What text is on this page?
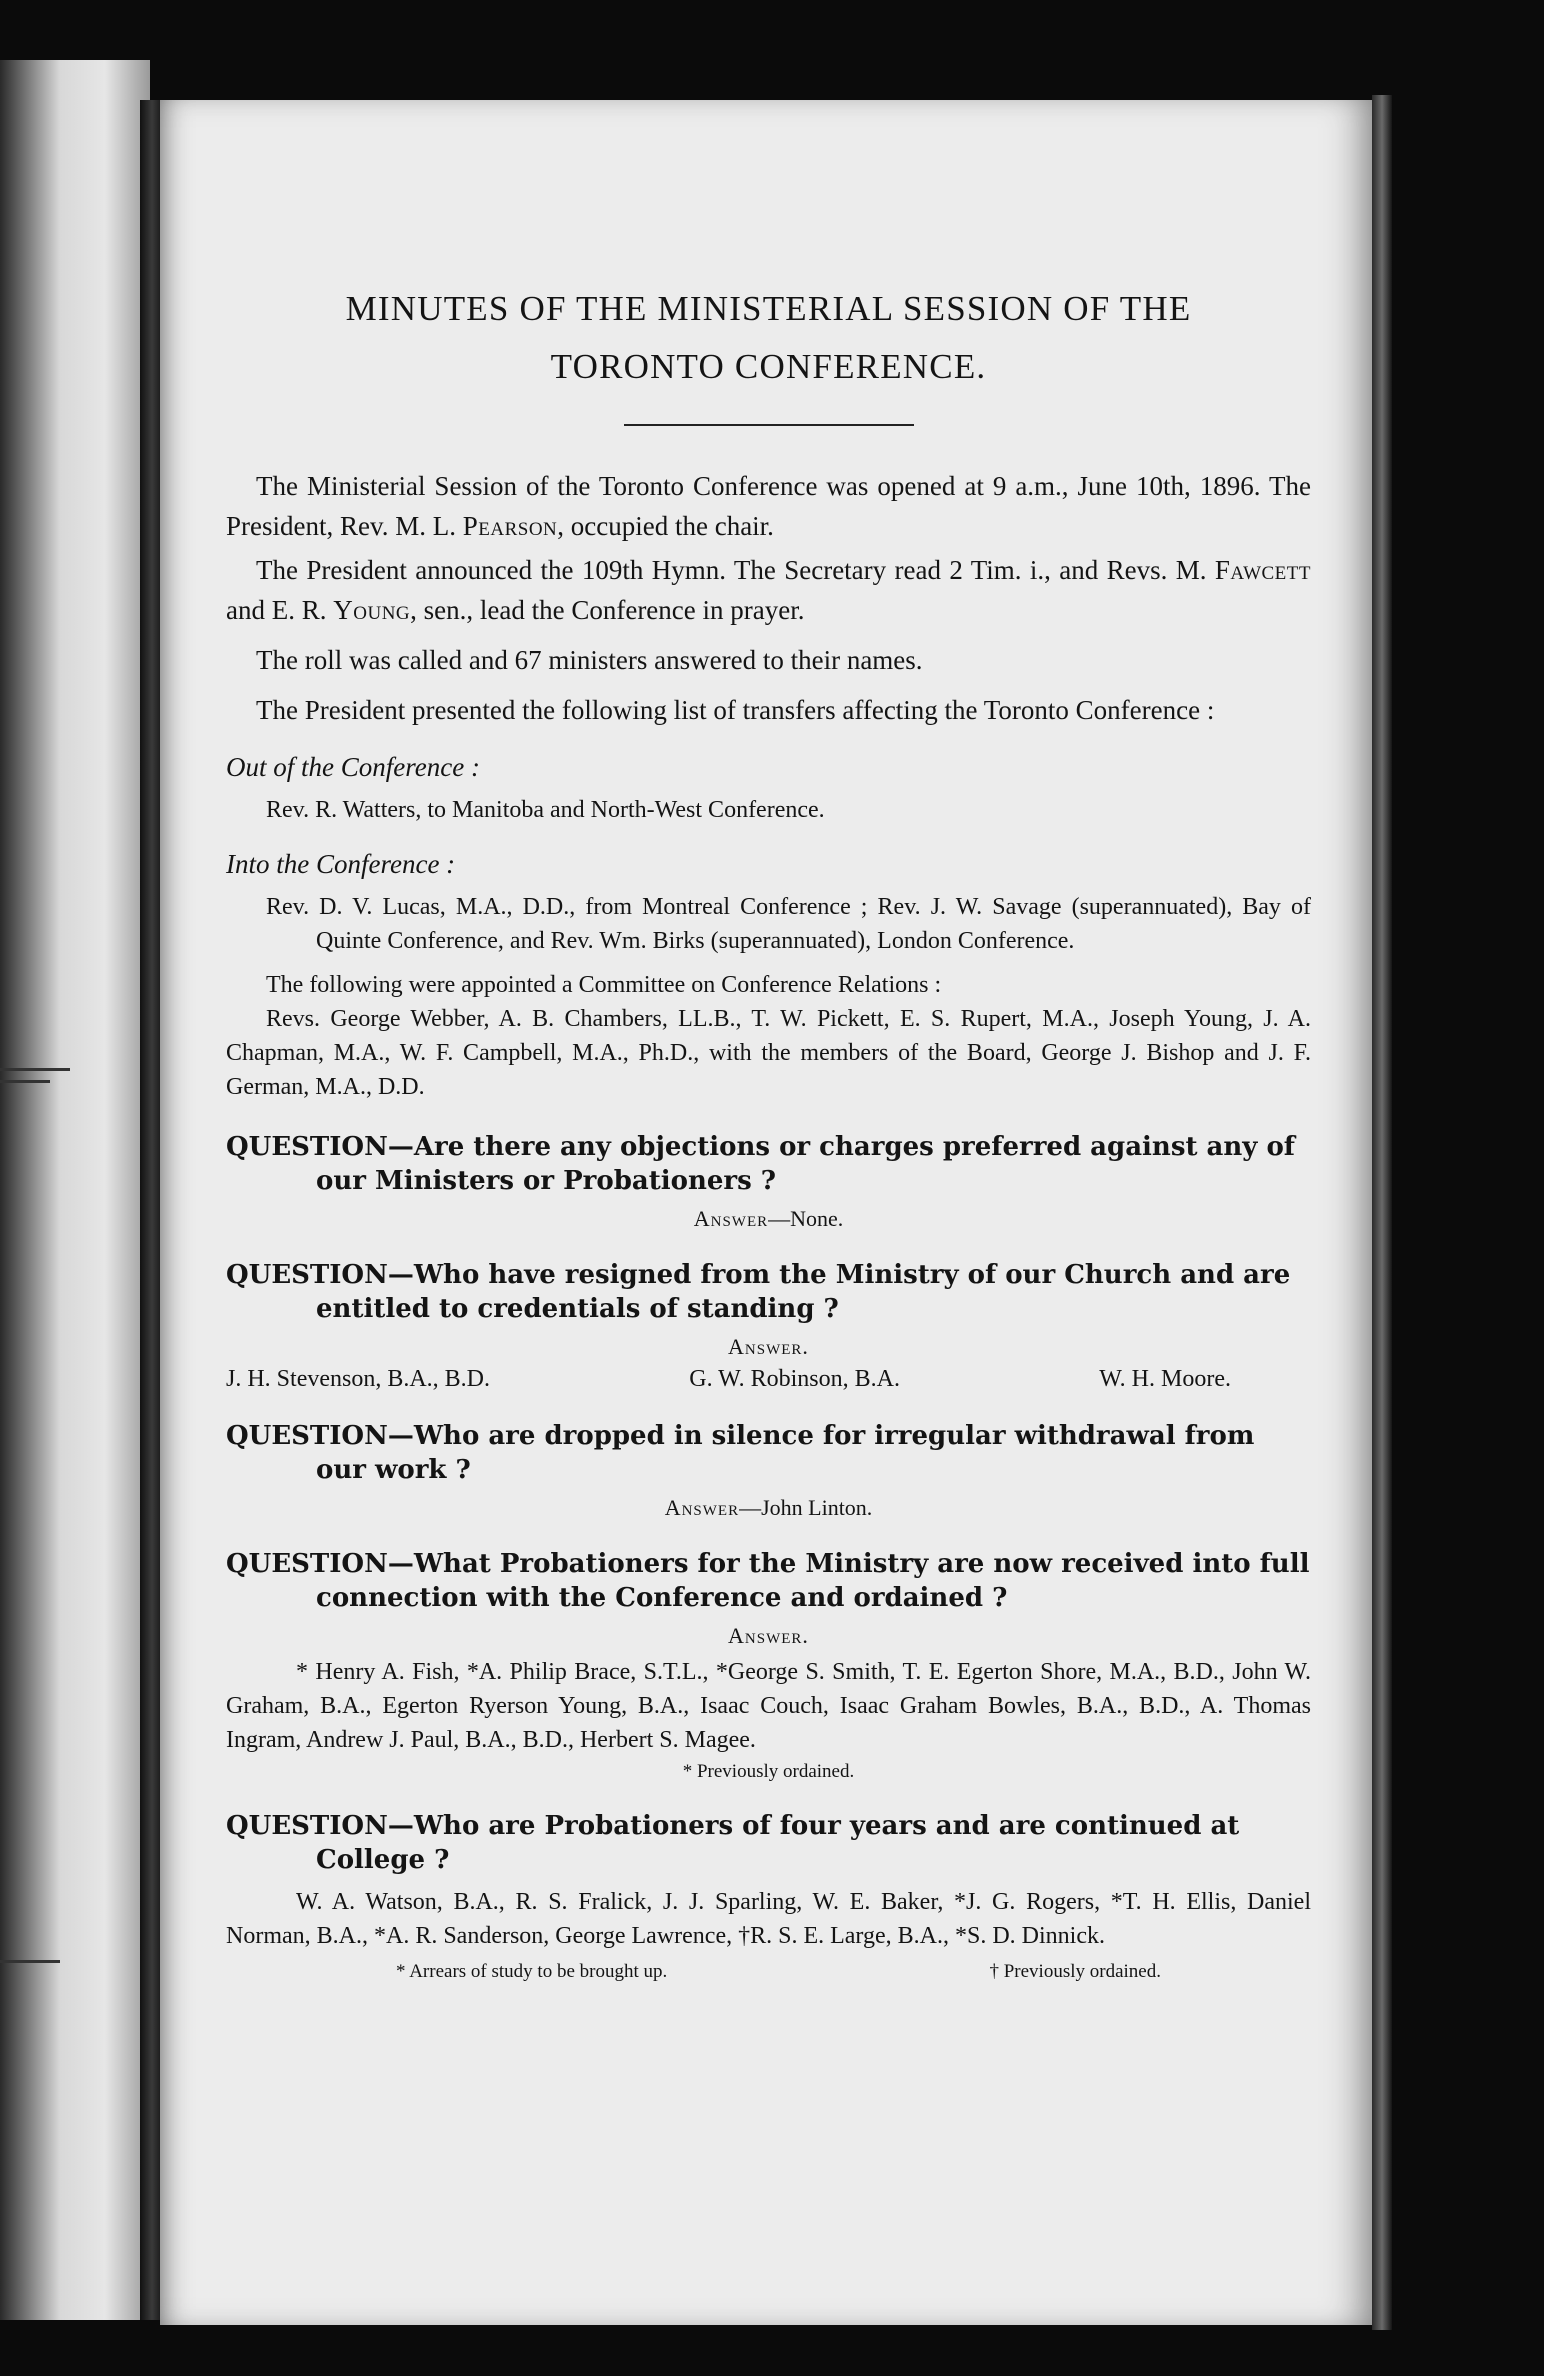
MINUTES OF THE MINISTERIAL SESSION OF THE
TORONTO CONFERENCE.

The Ministerial Session of the Toronto Conference was opened at 9 a.m., June 10th, 1896. The President, Rev. M. L. Pearson, occupied the chair.

The President announced the 109th Hymn. The Secretary read 2 Tim. i., and Revs. M. Fawcett and E. R. Young, sen., lead the Conference in prayer.

The roll was called and 67 ministers answered to their names.

The President presented the following list of transfers affecting the Toronto Conference :

Out of the Conference :
Rev. R. Watters, to Manitoba and North-West Conference.
Into the Conference :
Rev. D. V. Lucas, M.A., D.D., from Montreal Conference ; Rev. J. W. Savage (superannuated), Bay of Quinte Conference, and Rev. Wm. Birks (superannuated), London Conference.
The following were appointed a Committee on Conference Relations :
Revs. George Webber, A. B. Chambers, LL.B., T. W. Pickett, E. S. Rupert, M.A., Joseph Young, J. A. Chapman, M.A., W. F. Campbell, M.A., Ph.D., with the members of the Board, George J. Bishop and J. F. German, M.A., D.D.
QUESTION—Are there any objections or charges preferred against any of our Ministers or Probationers ?
Answer—None.
QUESTION—Who have resigned from the Ministry of our Church and are entitled to credentials of standing ?
Answer.
J. H. Stevenson, B.A., B.D.	G. W. Robinson, B.A.	W. H. Moore.
QUESTION—Who are dropped in silence for irregular withdrawal from our work ?
Answer—John Linton.
QUESTION—What Probationers for the Ministry are now received into full connection with the Conference and ordained ?
Answer.
* Henry A. Fish, *A. Philip Brace, S.T.L., *George S. Smith, T. E. Egerton Shore, M.A., B.D., John W. Graham, B.A., Egerton Ryerson Young, B.A., Isaac Couch, Isaac Graham Bowles, B.A., B.D., A. Thomas Ingram, Andrew J. Paul, B.A., B.D., Herbert S. Magee.
* Previously ordained.
QUESTION—Who are Probationers of four years and are continued at College ?
W. A. Watson, B.A., R. S. Fralick, J. J. Sparling, W. E. Baker, *J. G. Rogers, *T. H. Ellis, Daniel Norman, B.A., *A. R. Sanderson, George Lawrence, †R. S. E. Large, B.A., *S. D. Dinnick.
* Arrears of study to be brought up.	† Previously ordained.
